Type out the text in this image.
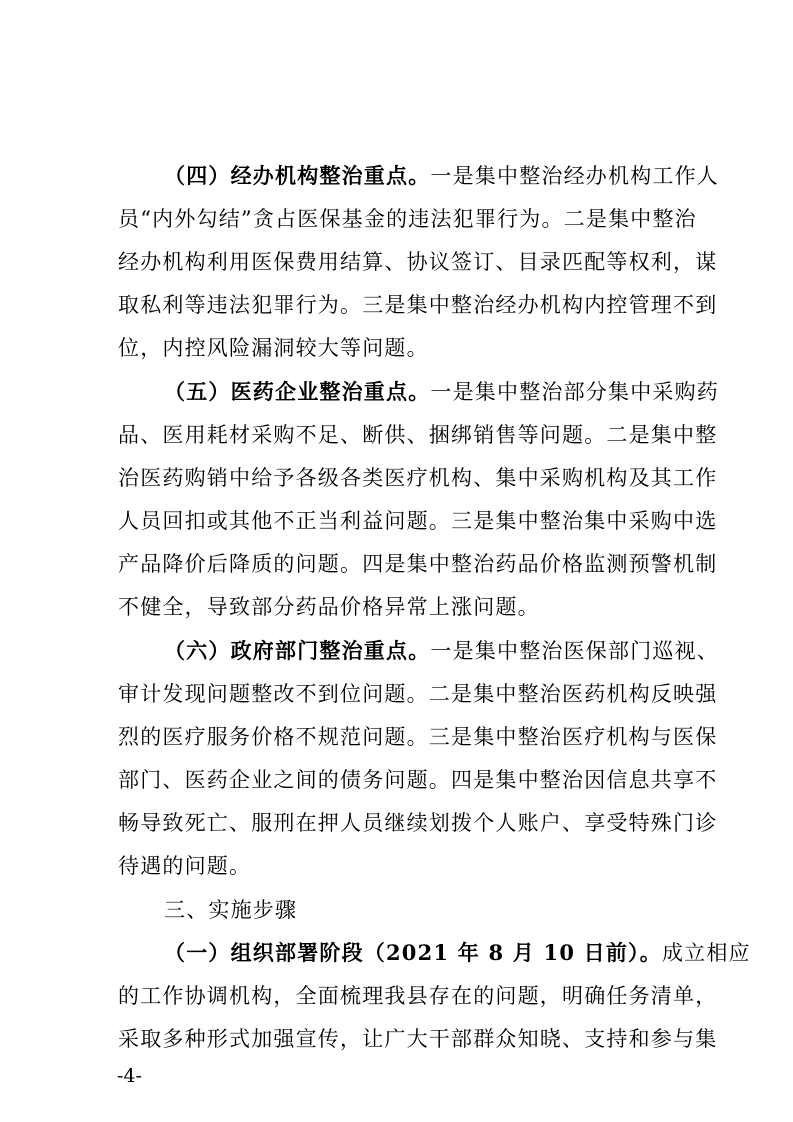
（四）经办机构整治重点。 一是集中整治经办机构工作人
员“内外勾结”贪占医保基金的违法犯罪行为。二是集中整治
经办机构利用医保费用结算、协议签订、目录匹配等权利，谋
取私利等违法犯罪行为。三是集中整治经办机构内控管理不到
位，内控风险漏洞较大等问题。
（五）医药企业整治重点。 一是集中整治部分集中采购药
品、医用耗材采购不足、断供、捆绑销售等问题。二是集中整
治医药购销中给予各级各类医疗机构、集中采购机构及其工作
人员回扣或其他不正当利益问题。三是集中整治集中采购中选
产品降价后降质的问题。四是集中整治药品价格监测预警机制
不健全，导致部分药品价格异常上涨问题。
（六）政府部门整治重点。 一是集中整治医保部门巡视、
审计发现问题整改不到位问题。二是集中整治医药机构反映强
烈的医疗服务价格不规范问题。三是集中整治医疗机构与医保
部门、医药企业之间的债务问题。四是集中整治因信息共享不
畅导致死亡、服刑在押人员继续划拨个人账户、享受特殊门诊
待遇的问题。
三、实施步骤
（一）组织部署阶段（2021 年 8 月 10 日前）。 成立相应
的工作协调机构，全面梳理我县存在的问题，明确任务清单，
采取多种形式加强宣传，让广大干部群众知晓、支持和参与集
-4-
